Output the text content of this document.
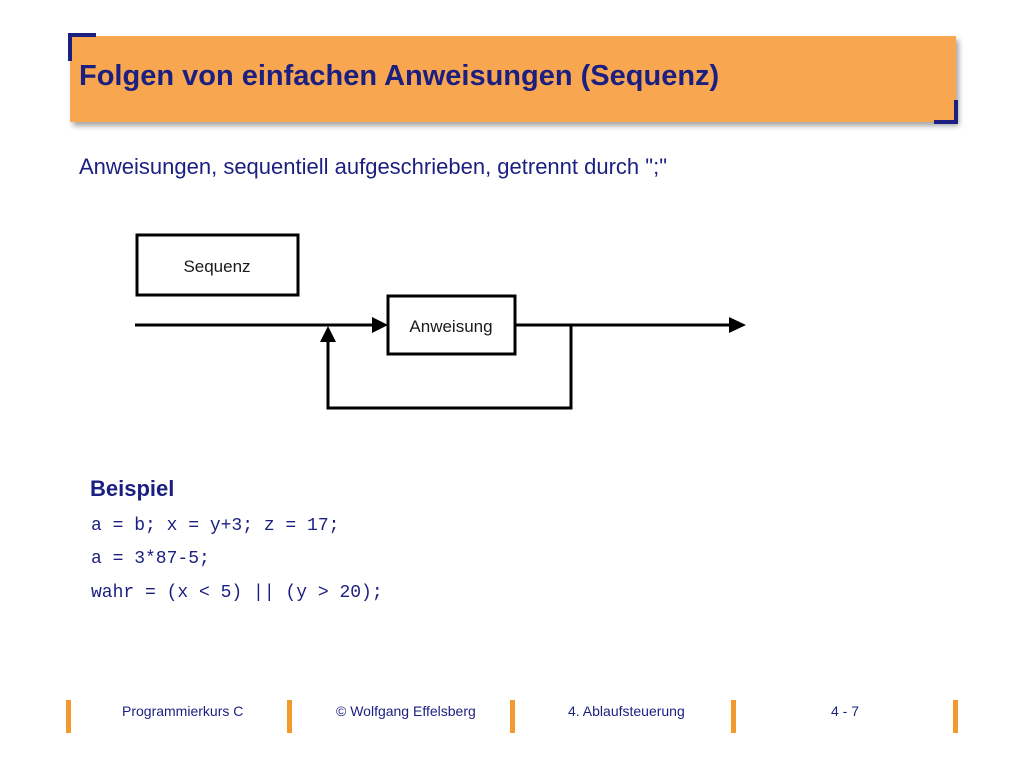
Folgen von einfachen Anweisungen (Sequenz)
Anweisungen, sequentiell aufgeschrieben, getrennt durch ";"
Sequenz
Anweisung
Beispiel
a = b; x = y+3; z = 17;
a = 3*87-5;
wahr = (x < 5) || (y > 20);
Programmierkurs C	© Wolfgang Effelsberg	4. Ablaufsteuerung	4 - 7
